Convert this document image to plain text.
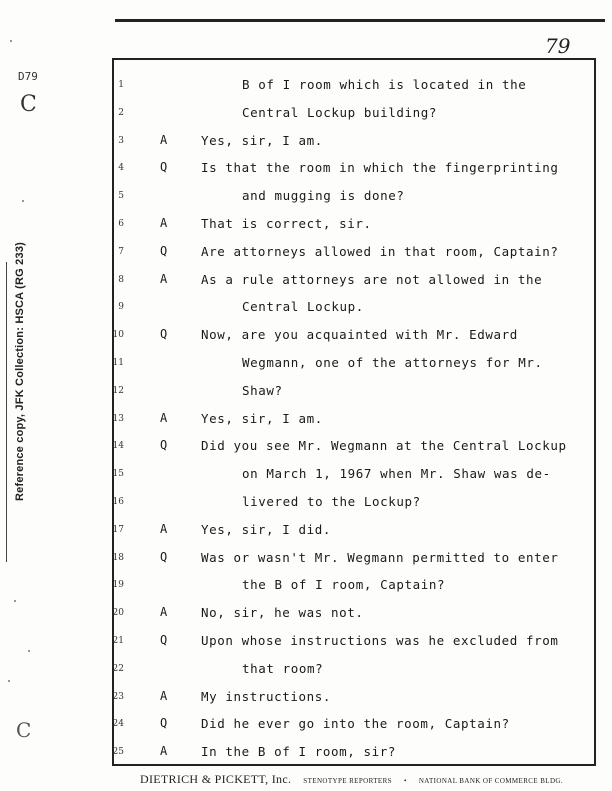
79
D79
C
C
Reference copy, JFK Collection: HSCA (RG 233)
1	B of I room which is located in the
2	Central Lockup building?
3	A	Yes, sir, I am.
4	Q	Is that the room in which the fingerprinting
5	and mugging is done?
6	A	That is correct, sir.
7	Q	Are attorneys allowed in that room, Captain?
8	A	As a rule attorneys are not allowed in the
9	Central Lockup.
10	Q	Now, are you acquainted with Mr. Edward
11	Wegmann, one of the attorneys for Mr.
12	Shaw?
13	A	Yes, sir, I am.
14	Q	Did you see Mr. Wegmann at the Central Lockup
15	on March 1, 1967 when Mr. Shaw was de-
16	livered to the Lockup?
17	A	Yes, sir, I did.
18	Q	Was or wasn't Mr. Wegmann permitted to enter
19	the B of I room, Captain?
20	A	No, sir, he was not.
21	Q	Upon whose instructions was he excluded from
22	that room?
23	A	My instructions.
24	Q	Did he ever go into the room, Captain?
25	A	In the B of I room, sir?
DIETRICH & PICKETT, Inc. STENOTYPE REPORTERS • NATIONAL BANK OF COMMERCE BLDG.
